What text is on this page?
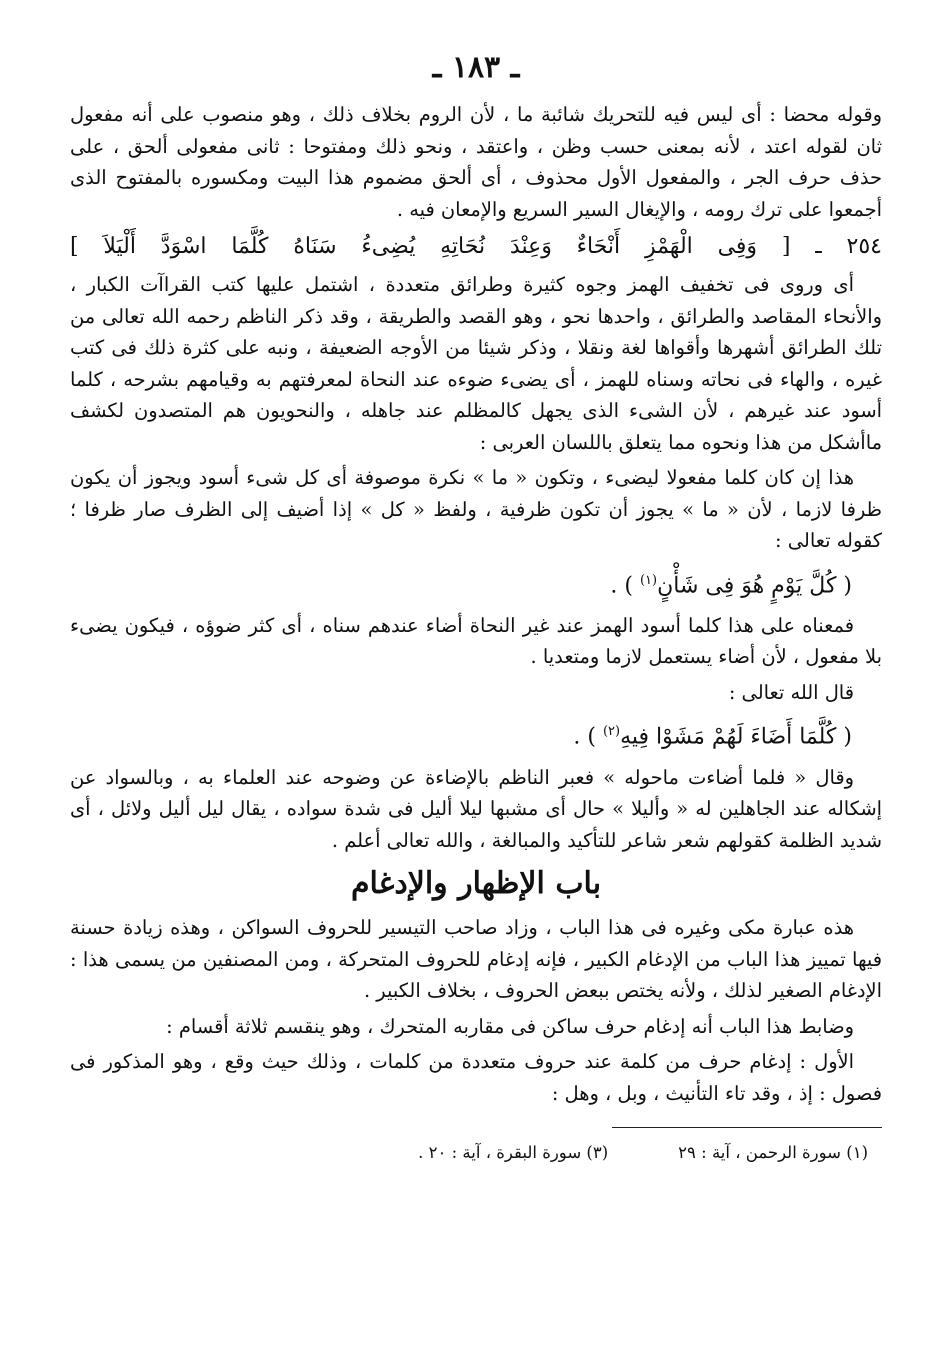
ـ ١٨٣ ـ

وقوله محضا : أى ليس فيه للتحريك شائبة ما ، لأن الروم بخلاف ذلك ، وهو منصوب على أنه مفعول ثان لقوله اعتد ، لأنه بمعنى حسب وظن ، واعتقد ، ونحو ذلك ومفتوحا : ثانى مفعولى ألحق ، على حذف حرف الجر ، والمفعول الأول محذوف ، أى ألحق مضموم هذا البيت ومكسوره بالمفتوح الذى أجمعوا على ترك رومه ، والإيغال السير السريع والإمعان فيه .

٢٥٤ ـ [ وَفِى الْهَمْزِ أَنْحَاءٌ وَعِنْدَ نُحَاتِهِ يُضِىءُ سَنَاهُ كُلَّمَا اسْوَدَّ أَلْيَلاَ ]

أى وروى فى تخفيف الهمز وجوه كثيرة وطرائق متعددة ، اشتمل عليها كتب القراآت الكبار ، والأنحاء المقاصد والطرائق ، واحدها نحو ، وهو القصد والطريقة ، وقد ذكر الناظم رحمه الله تعالى من تلك الطرائق أشهرها وأقواها لغة ونقلا ، وذكر شيئا من الأوجه الضعيفة ، ونبه على كثرة ذلك فى كتب غيره ، والهاء فى نحاته وسناه للهمز ، أى يضىء ضوءه عند النحاة لمعرفتهم به وقيامهم بشرحه ، كلما أسود عند غيرهم ، لأن الشىء الذى يجهل كالمظلم عند جاهله ، والنحويون هم المتصدون لكشف ماأشكل من هذا ونحوه مما يتعلق باللسان العربى :

هذا إن كان كلما مفعولا ليضىء ، وتكون « ما » نكرة موصوفة أى كل شىء أسود ويجوز أن يكون ظرفا لازما ، لأن « ما » يجوز أن تكون ظرفية ، ولفظ « كل » إذا أضيف إلى الظرف صار ظرفا ؛ كقوله تعالى :

( كُلَّ يَوْمٍ هُوَ فِى شَأْنٍ$^{(١)}$ ) .

فمعناه على هذا كلما أسود الهمز عند غير النحاة أضاء عندهم سناه ، أى كثر ضوؤه ، فيكون يضىء بلا مفعول ، لأن أضاء يستعمل لازما ومتعديا .

قال الله تعالى :

( كُلَّمَا أَضَاءَ لَهُمْ مَشَوْا فِيهِ$^{(٢)}$ ) .

وقال « فلما أضاءت ماحوله » فعبر الناظم بالإضاءة عن وضوحه عند العلماء به ، وبالسواد عن إشكاله عند الجاهلين له « وأليلا » حال أى مشبها ليلا أليل فى شدة سواده ، يقال ليل أليل ولائل ، أى شديد الظلمة كقولهم شعر شاعر للتأكيد والمبالغة ، والله تعالى أعلم .

باب الإظهار والإدغام

هذه عبارة مكى وغيره فى هذا الباب ، وزاد صاحب التيسير للحروف السواكن ، وهذه زيادة حسنة فيها تمييز هذا الباب من الإدغام الكبير ، فإنه إدغام للحروف المتحركة ، ومن المصنفين من يسمى هذا : الإدغام الصغير لذلك ، ولأنه يختص ببعض الحروف ، بخلاف الكبير .

وضابط هذا الباب أنه إدغام حرف ساكن فى مقاربه المتحرك ، وهو ينقسم ثلاثة أقسام :

الأول : إدغام حرف من كلمة عند حروف متعددة من كلمات ، وذلك حيث وقع ، وهو المذكور فى فصول : إذ ، وقد تاء التأنيث ، وبل ، وهل :

(١) سورة الرحمن ، آية : ٢٩
(٣) سورة البقرة ، آية : ٢٠ .
